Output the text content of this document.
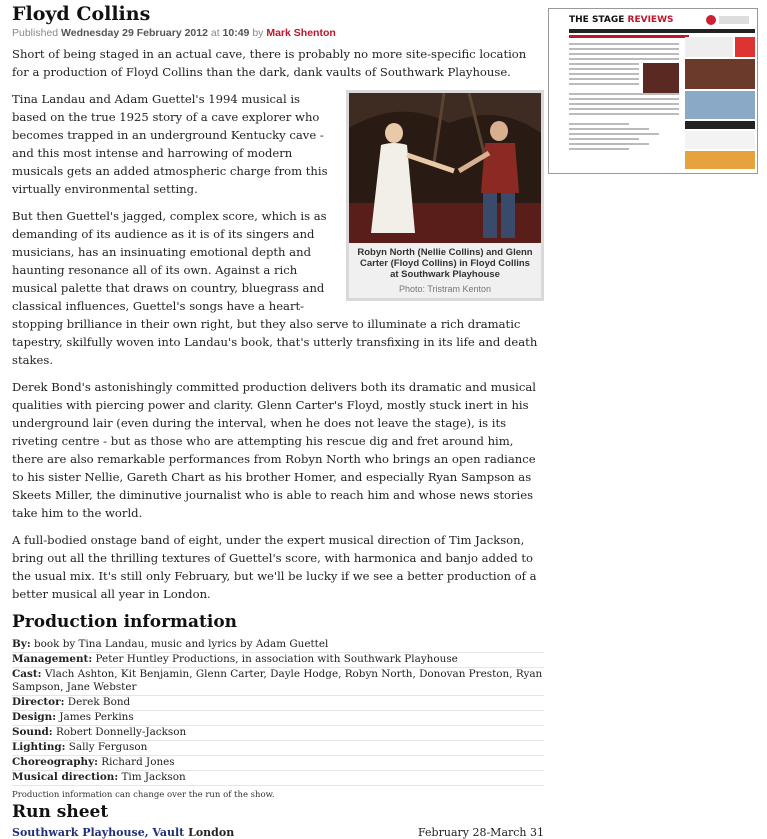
Floyd Collins
Published Wednesday 29 February 2012 at 10:49 by Mark Shenton

Short of being staged in an actual cave, there is probably no more site-specific location for a production of Floyd Collins than the dark, dank vaults of Southwark Playhouse.

Robyn North (Nellie Collins) and Glenn Carter (Floyd Collins) in Floyd Collins at Southwark Playhouse
Photo: Tristram Kenton

Tina Landau and Adam Guettel's 1994 musical is based on the true 1925 story of a cave explorer who becomes trapped in an underground Kentucky cave - and this most intense and harrowing of modern musicals gets an added atmospheric charge from this virtually environmental setting.

But then Guettel's jagged, complex score, which is as demanding of its audience as it is of its singers and musicians, has an insinuating emotional depth and haunting resonance all of its own. Against a rich musical palette that draws on country, bluegrass and classical influences, Guettel's songs have a heart-stopping brilliance in their own right, but they also serve to illuminate a rich dramatic tapestry, skilfully woven into Landau's book, that's utterly transfixing in its life and death stakes.

Derek Bond's astonishingly committed production delivers both its dramatic and musical qualities with piercing power and clarity. Glenn Carter's Floyd, mostly stuck inert in his underground lair (even during the interval, when he does not leave the stage), is its riveting centre - but as those who are attempting his rescue dig and fret around him, there are also remarkable performances from Robyn North who brings an open radiance to his sister Nellie, Gareth Chart as his brother Homer, and especially Ryan Sampson as Skeets Miller, the diminutive journalist who is able to reach him and whose news stories take him to the world.

A full-bodied onstage band of eight, under the expert musical direction of Tim Jackson, bring out all the thrilling textures of Guettel's score, with harmonica and banjo added to the usual mix. It's still only February, but we'll be lucky if we see a better production of a better musical all year in London.

Production information
By: book by Tina Landau, music and lyrics by Adam Guettel
Management: Peter Huntley Productions, in association with Southwark Playhouse
Cast: Vlach Ashton, Kit Benjamin, Glenn Carter, Dayle Hodge, Robyn North, Donovan Preston, Ryan Sampson, Jane Webster
Director: Derek Bond
Design: James Perkins
Sound: Robert Donnelly-Jackson
Lighting: Sally Ferguson
Choreography: Richard Jones
Musical direction: Tim Jackson
Production information can change over the run of the show.
Run sheet
Southwark Playhouse, Vault London	February 28-March 31
THE STAGE REVIEWS
